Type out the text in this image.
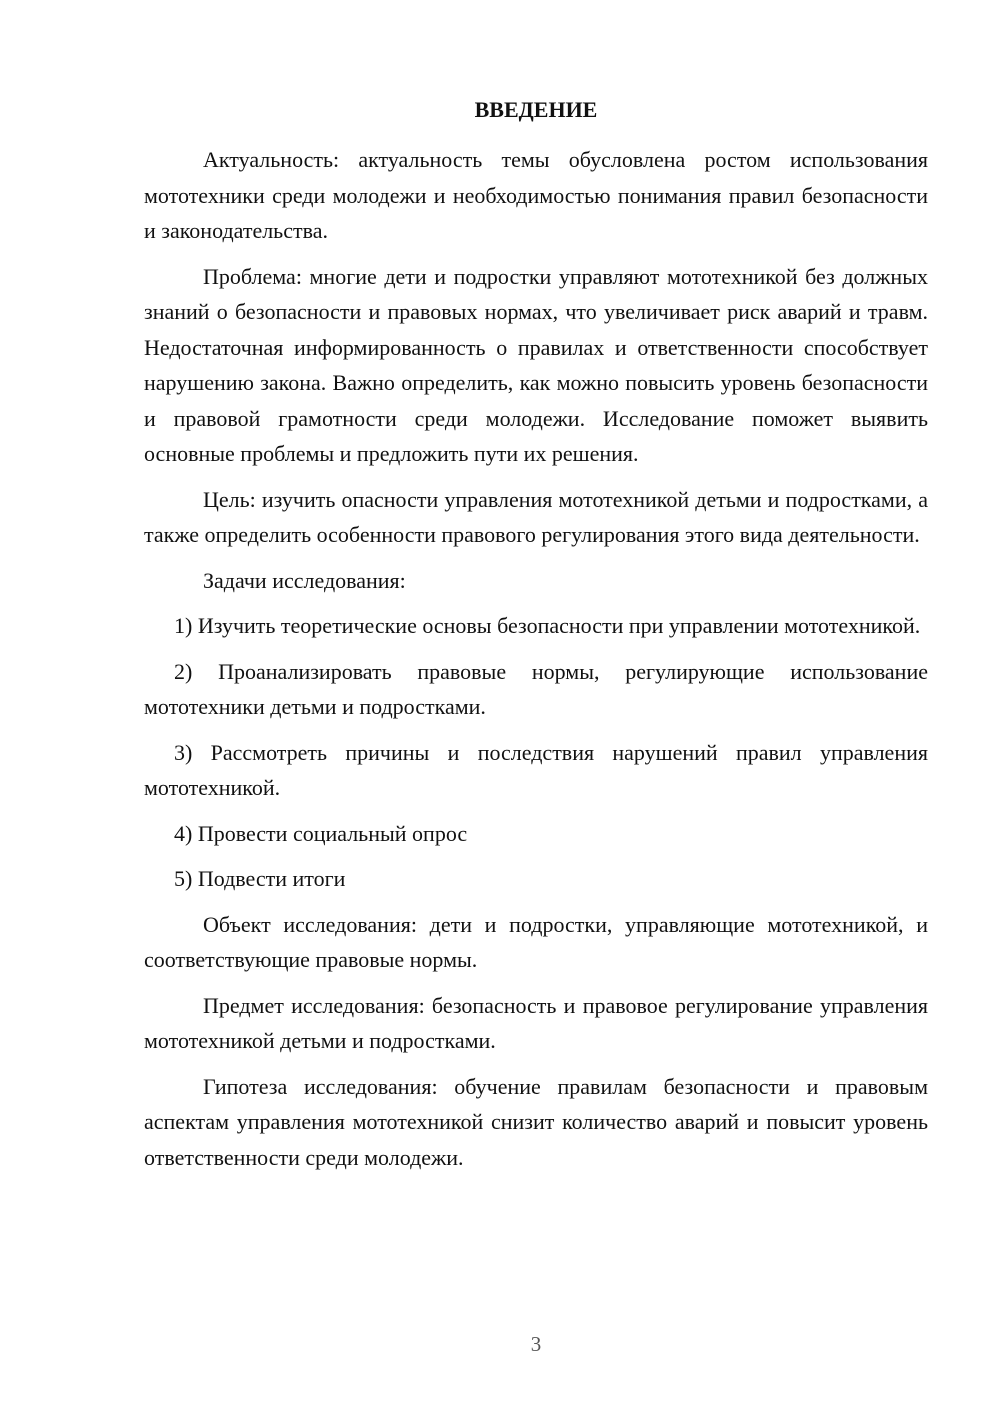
ВВЕДЕНИЕ

Актуальность: актуальность темы обусловлена ростом использования мототехники среди молодежи и необходимостью понимания правил безопасности и законодательства.

Проблема: многие дети и подростки управляют мототехникой без должных знаний о безопасности и правовых нормах, что увеличивает риск аварий и травм. Недостаточная информированность о правилах и ответственности способствует нарушению закона. Важно определить, как можно повысить уровень безопасности и правовой грамотности среди молодежи. Исследование поможет выявить основные проблемы и предложить пути их решения.

Цель: изучить опасности управления мототехникой детьми и подростками, а также определить особенности правового регулирования этого вида деятельности.

Задачи исследования:

1) Изучить теоретические основы безопасности при управлении мототехникой.

2) Проанализировать правовые нормы, регулирующие использование мототехники детьми и подростками.

3) Рассмотреть причины и последствия нарушений правил управления мототехникой.

4) Провести социальный опрос

5) Подвести итоги

Объект исследования: дети и подростки, управляющие мототехникой, и соответствующие правовые нормы.

Предмет исследования: безопасность и правовое регулирование управления мототехникой детьми и подростками.

Гипотеза исследования: обучение правилам безопасности и правовым аспектам управления мототехникой снизит количество аварий и повысит уровень ответственности среди молодежи.

3
